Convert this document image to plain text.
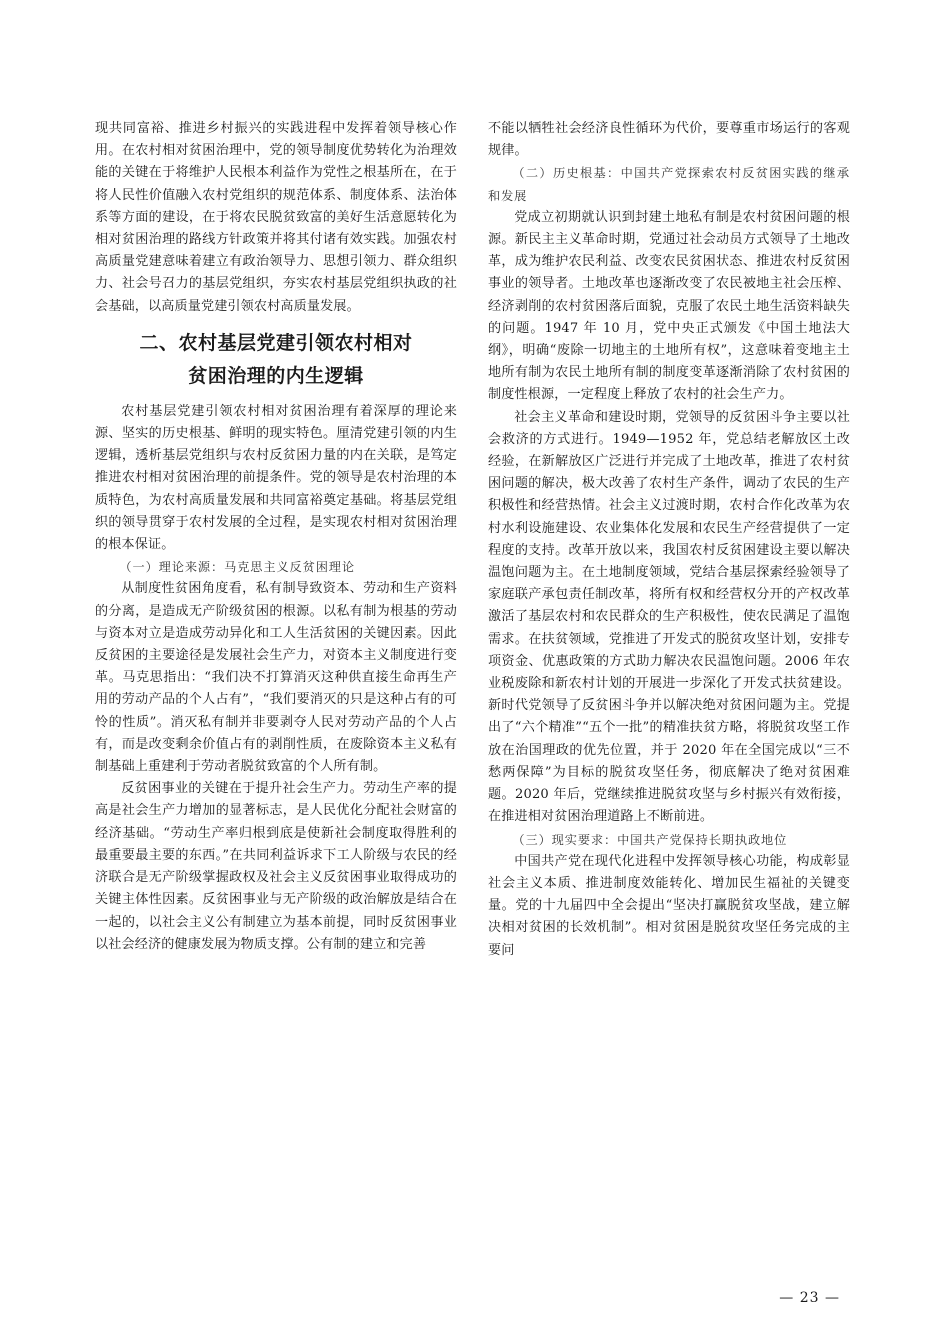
现共同富裕、推进乡村振兴的实践进程中发挥着领导核心作用。在农村相对贫困治理中，党的领导制度优势转化为治理效能的关键在于将维护人民根本利益作为党性之根基所在，在于将人民性价值融入农村党组织的规范体系、制度体系、法治体系等方面的建设，在于将农民脱贫致富的美好生活意愿转化为相对贫困治理的路线方针政策并将其付诸有效实践。加强农村高质量党建意味着建立有政治领导力、思想引领力、群众组织力、社会号召力的基层党组织，夯实农村基层党组织执政的社会基础，以高质量党建引领农村高质量发展。

二、农村基层党建引领农村相对
贫困治理的内生逻辑

农村基层党建引领农村相对贫困治理有着深厚的理论来源、坚实的历史根基、鲜明的现实特色。厘清党建引领的内生逻辑，透析基层党组织与农村反贫困力量的内在关联，是笃定推进农村相对贫困治理的前提条件。党的领导是农村治理的本质特色，为农村高质量发展和共同富裕奠定基础。将基层党组织的领导贯穿于农村发展的全过程，是实现农村相对贫困治理的根本保证。

（一）理论来源：马克思主义反贫困理论

从制度性贫困角度看，私有制导致资本、劳动和生产资料的分离，是造成无产阶级贫困的根源。以私有制为根基的劳动与资本对立是造成劳动异化和工人生活贫困的关键因素。因此反贫困的主要途径是发展社会生产力，对资本主义制度进行变革。马克思指出：“我们决不打算消灭这种供直接生命再生产用的劳动产品的个人占有”，“我们要消灭的只是这种占有的可怜的性质”。消灭私有制并非要剥夺人民对劳动产品的个人占有，而是改变剩余价值占有的剥削性质，在废除资本主义私有制基础上重建利于劳动者脱贫致富的个人所有制。

反贫困事业的关键在于提升社会生产力。劳动生产率的提高是社会生产力增加的显著标志，是人民优化分配社会财富的经济基础。“劳动生产率归根到底是使新社会制度取得胜利的最重要最主要的东西。”在共同利益诉求下工人阶级与农民的经济联合是无产阶级掌握政权及社会主义反贫困事业取得成功的关键主体性因素。反贫困事业与无产阶级的政治解放是结合在一起的，以社会主义公有制建立为基本前提，同时反贫困事业以社会经济的健康发展为物质支撑。公有制的建立和完善

不能以牺牲社会经济良性循环为代价，要尊重市场运行的客观规律。

（二）历史根基：中国共产党探索农村反贫困实践的继承和发展

党成立初期就认识到封建土地私有制是农村贫困问题的根源。新民主主义革命时期，党通过社会动员方式领导了土地改革，成为维护农民利益、改变农民贫困状态、推进农村反贫困事业的领导者。土地改革也逐渐改变了农民被地主社会压榨、经济剥削的农村贫困落后面貌，克服了农民土地生活资料缺失的问题。1947 年 10 月，党中央正式颁发《中国土地法大纲》，明确“废除一切地主的土地所有权”，这意味着变地主土地所有制为农民土地所有制的制度变革逐渐消除了农村贫困的制度性根源，一定程度上释放了农村的社会生产力。

社会主义革命和建设时期，党领导的反贫困斗争主要以社会救济的方式进行。1949—1952 年，党总结老解放区土改经验，在新解放区广泛进行并完成了土地改革，推进了农村贫困问题的解决，极大改善了农村生产条件，调动了农民的生产积极性和经营热情。社会主义过渡时期，农村合作化改革为农村水利设施建设、农业集体化发展和农民生产经营提供了一定程度的支持。改革开放以来，我国农村反贫困建设主要以解决温饱问题为主。在土地制度领域，党结合基层探索经验领导了家庭联产承包责任制改革，将所有权和经营权分开的产权改革激活了基层农村和农民群众的生产积极性，使农民满足了温饱需求。在扶贫领域，党推进了开发式的脱贫攻坚计划，安排专项资金、优惠政策的方式助力解决农民温饱问题。2006 年农业税废除和新农村计划的开展进一步深化了开发式扶贫建设。新时代党领导了反贫困斗争并以解决绝对贫困问题为主。党提出了“六个精准”“五个一批”的精准扶贫方略，将脱贫攻坚工作放在治国理政的优先位置，并于 2020 年在全国完成以“三不愁两保障”为目标的脱贫攻坚任务，彻底解决了绝对贫困难题。2020 年后，党继续推进脱贫攻坚与乡村振兴有效衔接，在推进相对贫困治理道路上不断前进。

（三）现实要求：中国共产党保持长期执政地位

中国共产党在现代化进程中发挥领导核心功能，构成彰显社会主义本质、推进制度效能转化、增加民生福祉的关键变量。党的十九届四中全会提出“坚决打赢脱贫攻坚战，建立解决相对贫困的长效机制”。相对贫困是脱贫攻坚任务完成的主要问

— 23 —
